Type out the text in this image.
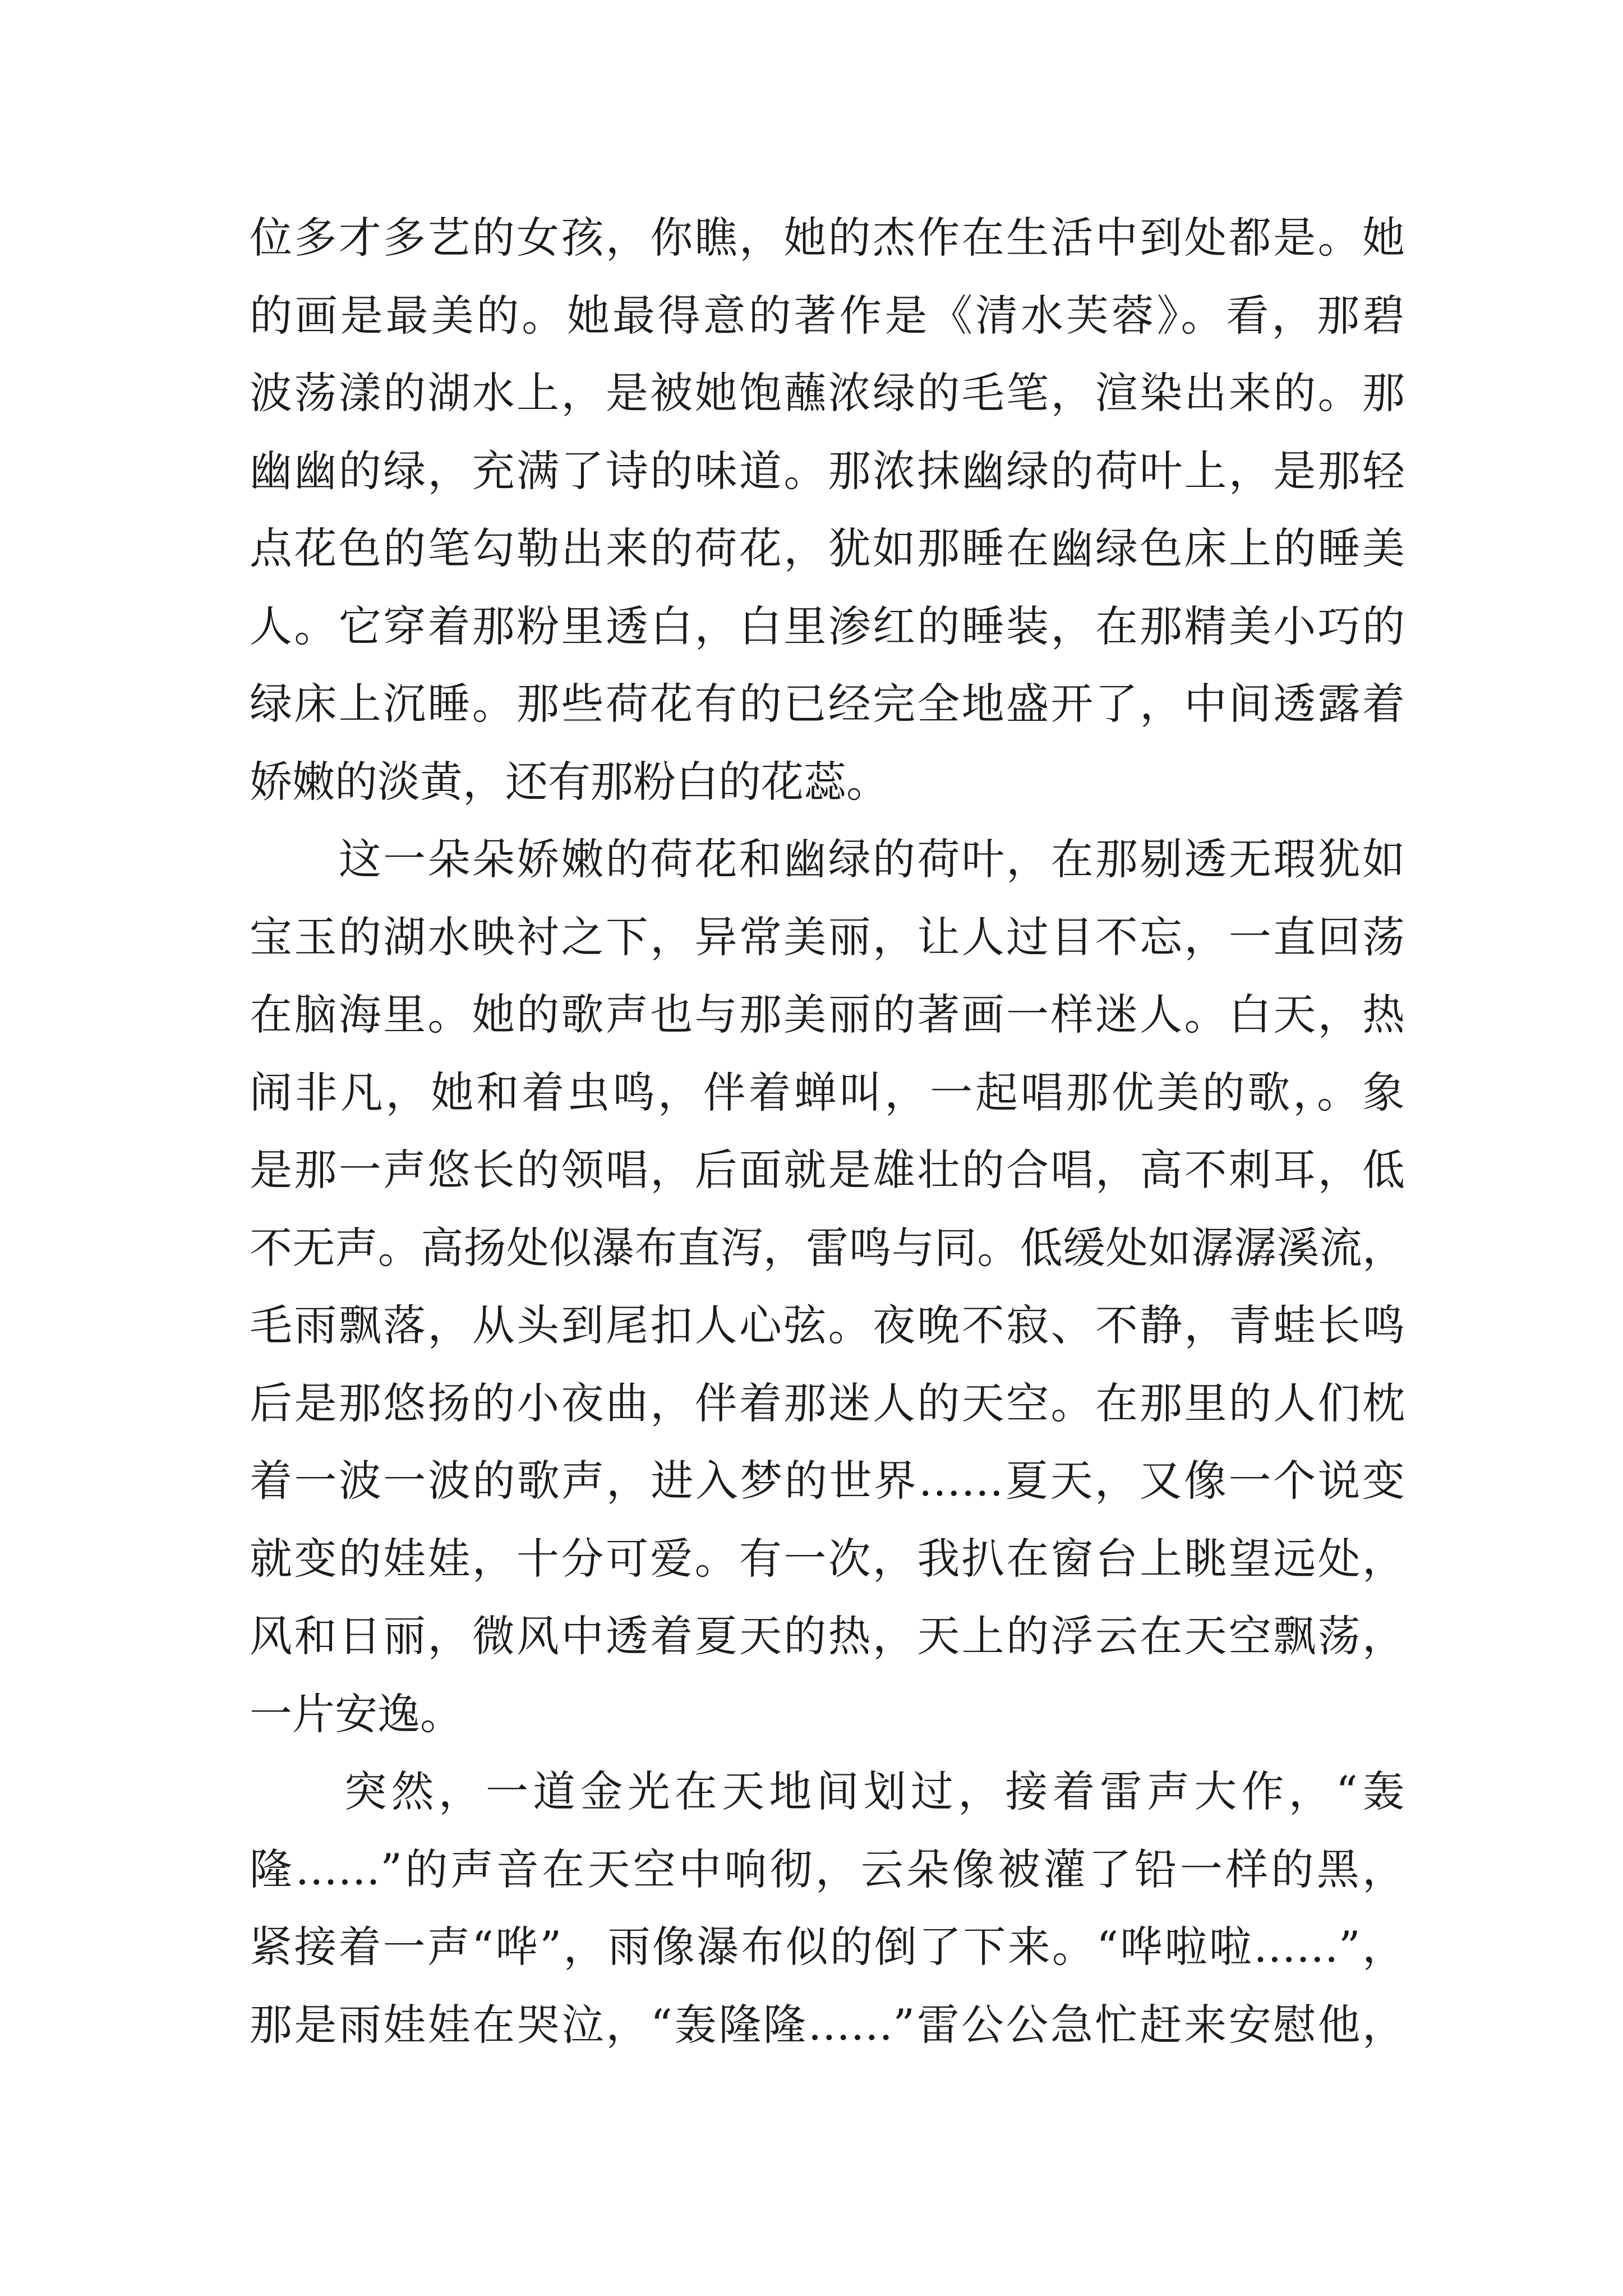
位多才多艺的女孩，你瞧，她的杰作在生活中到处都是。她
的画是最美的。她最得意的著作是《清水芙蓉》。看，那碧
波荡漾的湖水上，是被她饱蘸浓绿的毛笔，渲染出来的。那
幽幽的绿，充满了诗的味道。那浓抹幽绿的荷叶上，是那轻
点花色的笔勾勒出来的荷花，犹如那睡在幽绿色床上的睡美
人。它穿着那粉里透白，白里渗红的睡装，在那精美小巧的
绿床上沉睡。那些荷花有的已经完全地盛开了，中间透露着
娇嫩的淡黄，还有那粉白的花蕊。
　　这一朵朵娇嫩的荷花和幽绿的荷叶，在那剔透无瑕犹如
宝玉的湖水映衬之下，异常美丽，让人过目不忘，一直回荡
在脑海里。她的歌声也与那美丽的著画一样迷人。白天，热
闹非凡，她和着虫鸣，伴着蝉叫，一起唱那优美的歌，。象
是那一声悠长的领唱，后面就是雄壮的合唱，高不刺耳，低
不无声。高扬处似瀑布直泻，雷鸣与同。低缓处如潺潺溪流，
毛雨飘落，从头到尾扣人心弦。夜晚不寂、不静，青蛙长鸣
后是那悠扬的小夜曲，伴着那迷人的天空。在那里的人们枕
着一波一波的歌声，进入梦的世界……夏天，又像一个说变
就变的娃娃，十分可爱。有一次，我扒在窗台上眺望远处，
风和日丽，微风中透着夏天的热，天上的浮云在天空飘荡，
一片安逸。
　　突然，一道金光在天地间划过，接着雷声大作，“轰
隆……”的声音在天空中响彻，云朵像被灌了铅一样的黑，
紧接着一声“哗”，雨像瀑布似的倒了下来。“哗啦啦……”，
那是雨娃娃在哭泣，“轰隆隆……”雷公公急忙赶来安慰他，
